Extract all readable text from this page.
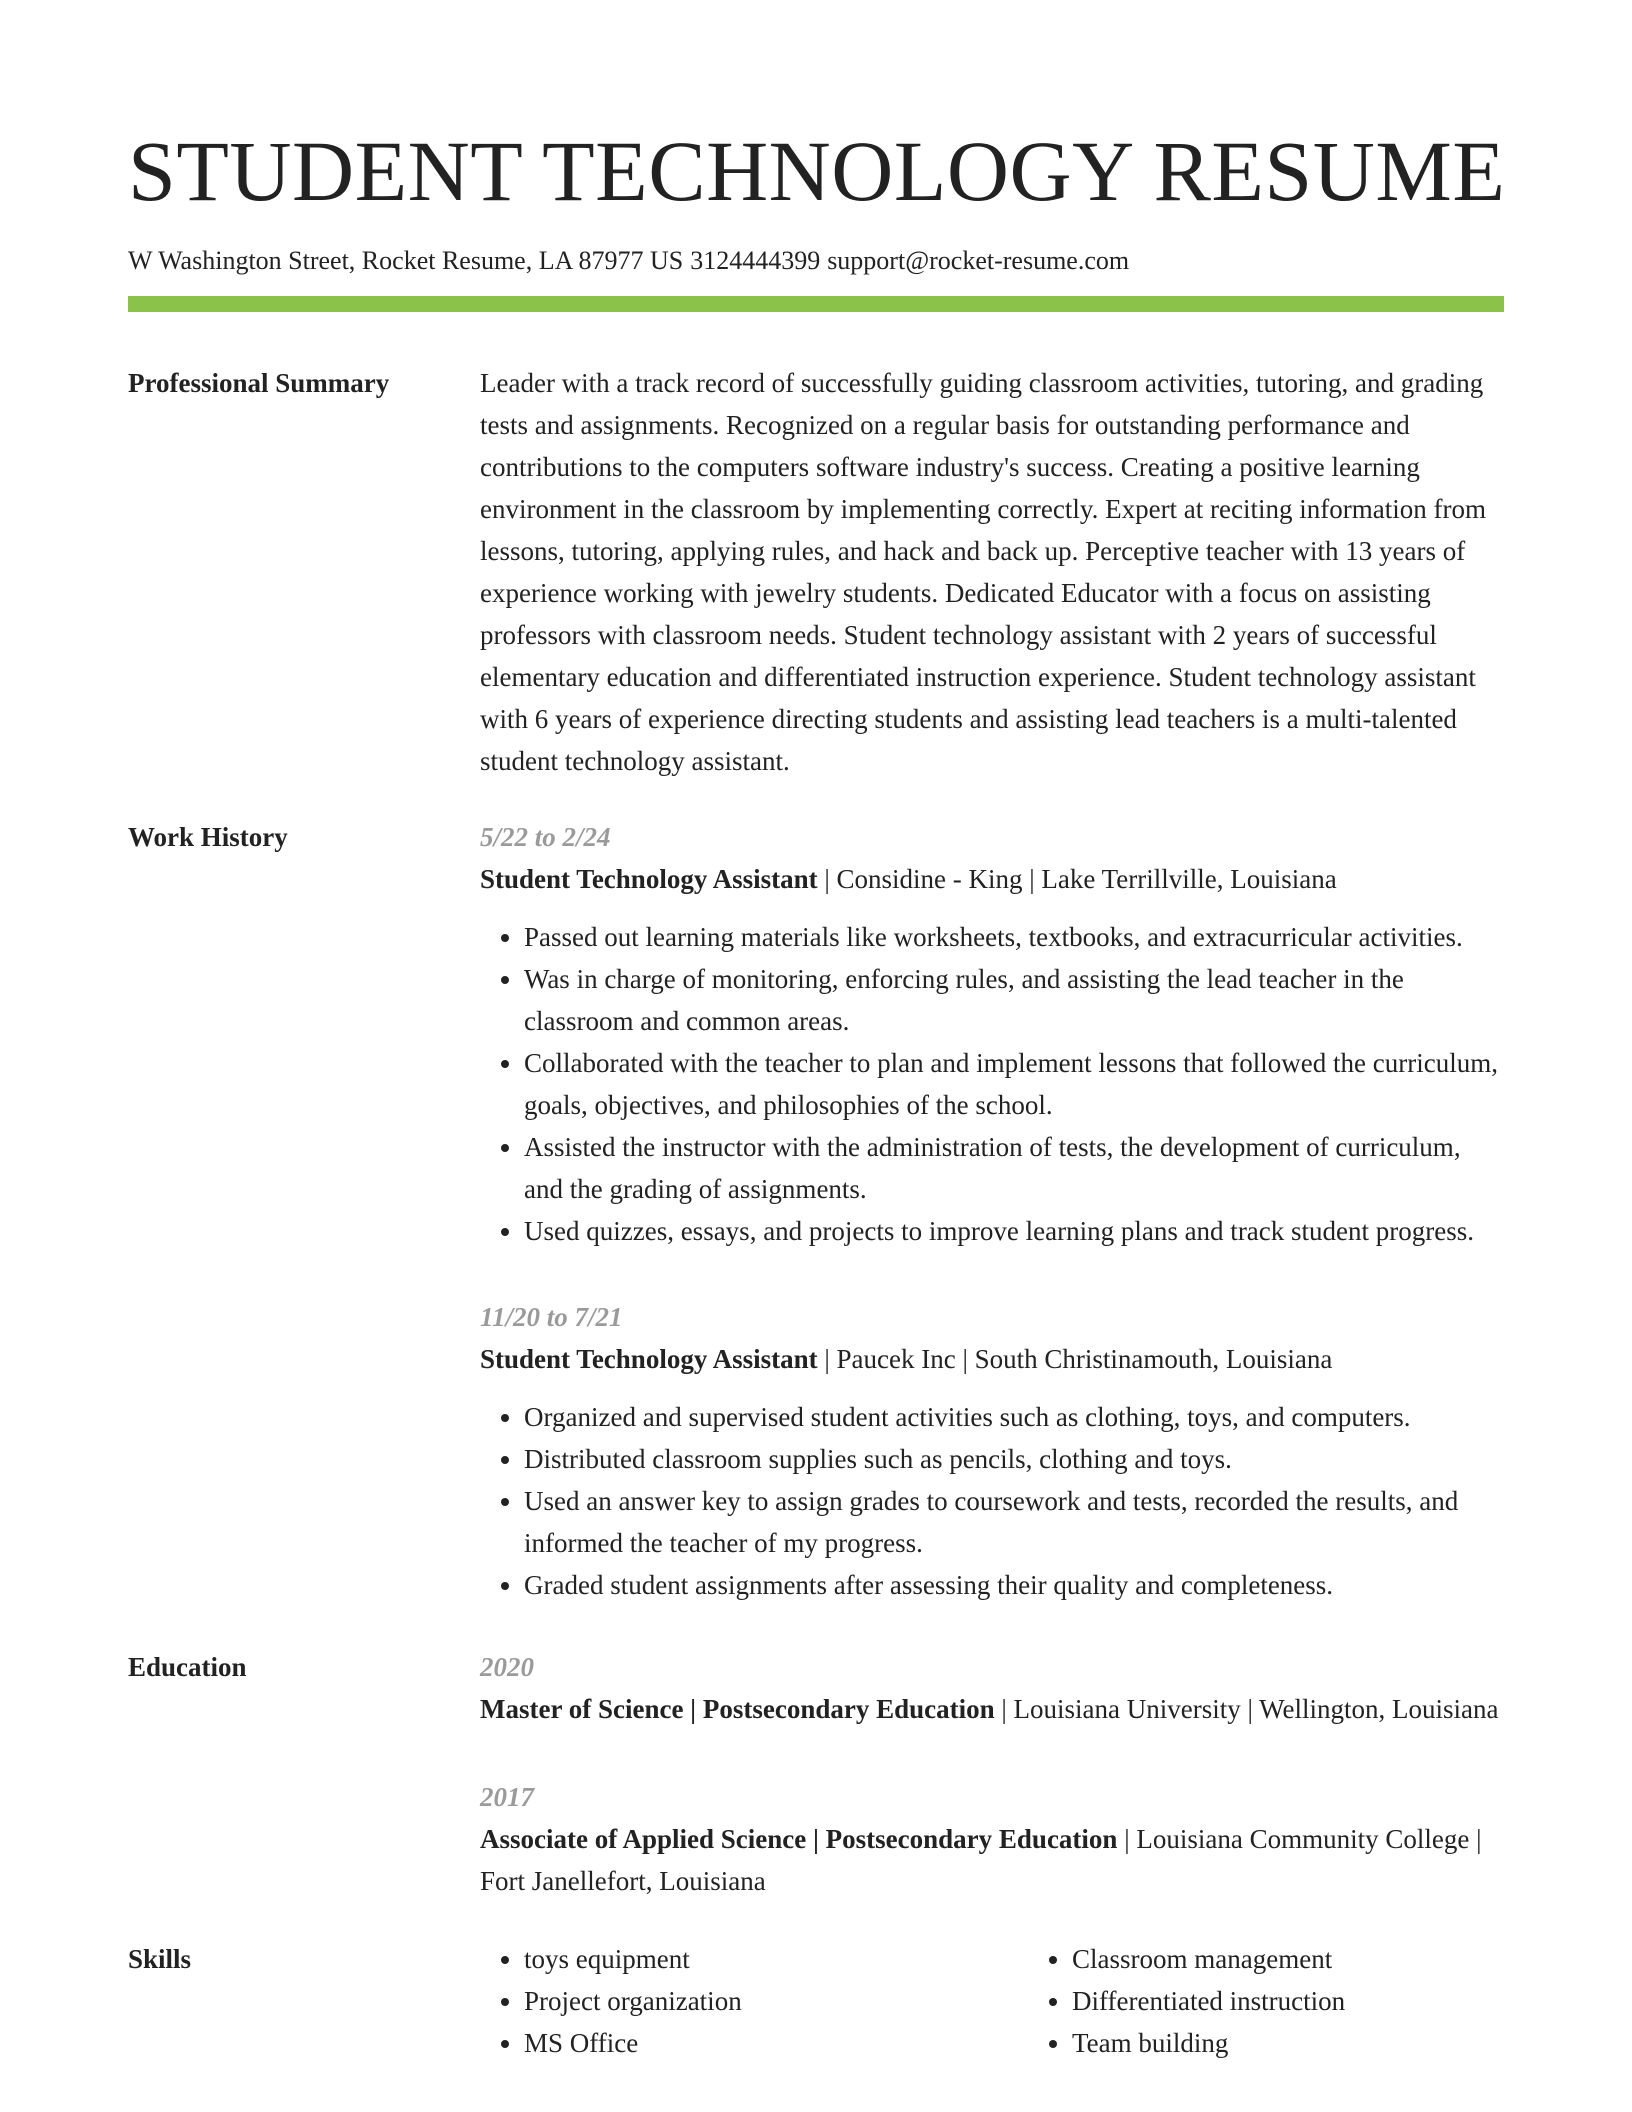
STUDENT TECHNOLOGY RESUME
W Washington Street, Rocket Resume, LA 87977 US 3124444399 support@rocket-resume.com
Professional Summary	Leader with a track record of successfully guiding classroom activities, tutoring, and grading tests and assignments. Recognized on a regular basis for outstanding performance and contributions to the computers software industry's success. Creating a positive learning environment in the classroom by implementing correctly. Expert at reciting information from lessons, tutoring, applying rules, and hack and back up. Perceptive teacher with 13 years of experience working with jewelry students. Dedicated Educator with a focus on assisting professors with classroom needs. Student technology assistant with 2 years of successful elementary education and differentiated instruction experience. Student technology assistant with 6 years of experience directing students and assisting lead teachers is a multi-talented student technology assistant.
Work History	5/22 to 2/24
Student Technology Assistant | Considine - King | Lake Terrillville, Louisiana
• Passed out learning materials like worksheets, textbooks, and extracurricular activities.
• Was in charge of monitoring, enforcing rules, and assisting the lead teacher in the classroom and common areas.
• Collaborated with the teacher to plan and implement lessons that followed the curriculum, goals, objectives, and philosophies of the school.
• Assisted the instructor with the administration of tests, the development of curriculum, and the grading of assignments.
• Used quizzes, essays, and projects to improve learning plans and track student progress.
11/20 to 7/21
Student Technology Assistant | Paucek Inc | South Christinamouth, Louisiana
• Organized and supervised student activities such as clothing, toys, and computers.
• Distributed classroom supplies such as pencils, clothing and toys.
• Used an answer key to assign grades to coursework and tests, recorded the results, and informed the teacher of my progress.
• Graded student assignments after assessing their quality and completeness.
Education	2020
Master of Science | Postsecondary Education | Louisiana University | Wellington, Louisiana
2017
Associate of Applied Science | Postsecondary Education | Louisiana Community College | Fort Janellefort, Louisiana
Skills
•	toys equipment
• Project organization
• MS Office
• Classroom management
• Differentiated instruction
• Team building
